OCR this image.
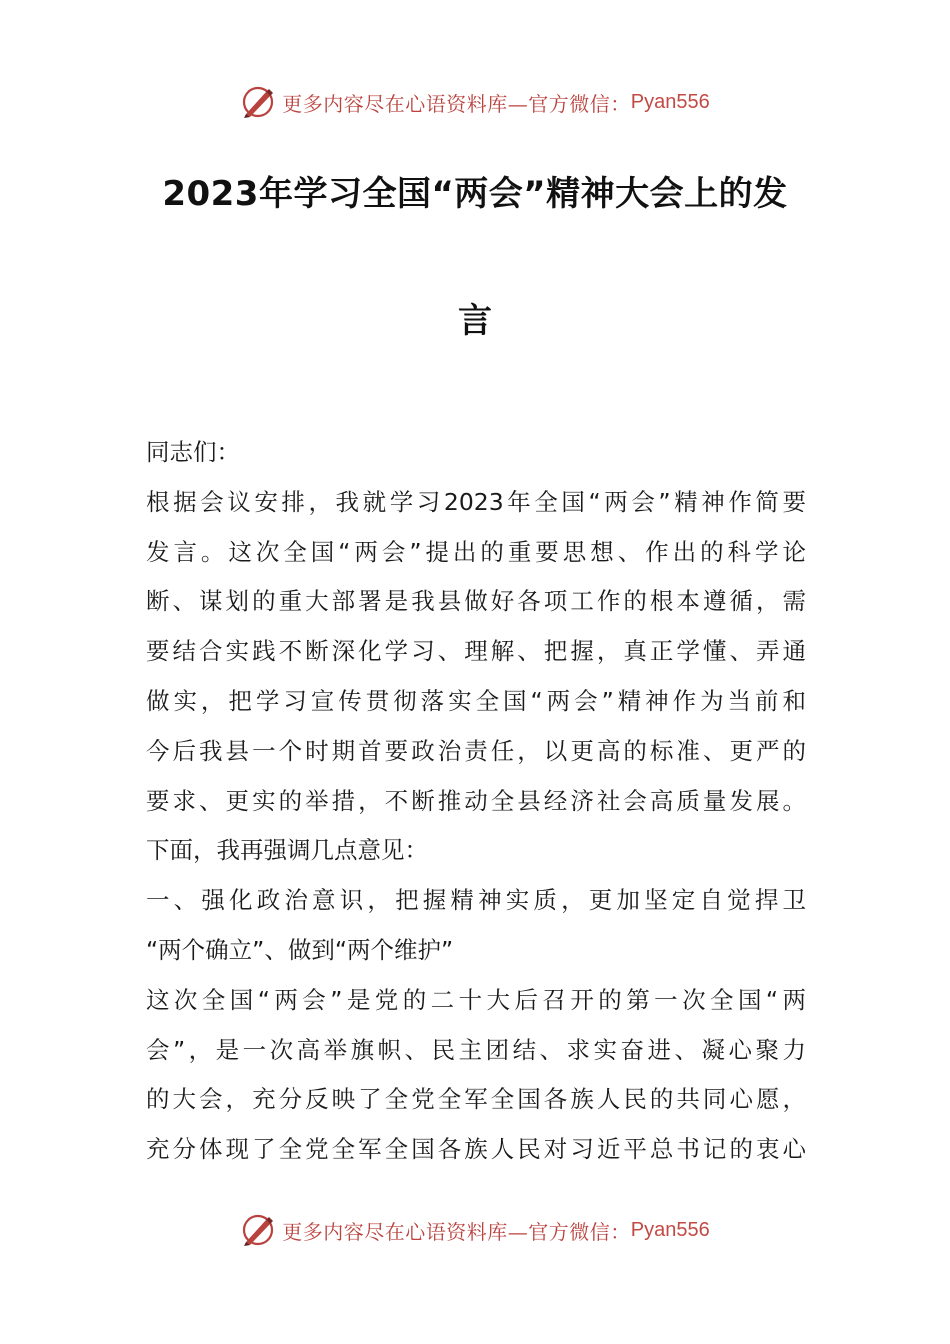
更多内容尽在心语资料库—官方微信： Pyan556
2023年学习全国“两会”精神大会上的发
言
同志们：
根据会议安排，我就学习2023年全国“两会”精神作简要
发言。这次全国“两会”提出的重要思想、作出的科学论
断、谋划的重大部署是我县做好各项工作的根本遵循，需
要结合实践不断深化学习、理解、把握，真正学懂、弄通
做实，把学习宣传贯彻落实全国“两会”精神作为当前和
今后我县一个时期首要政治责任，以更高的标准、更严的
要求、更实的举措，不断推动全县经济社会高质量发展。
下面，我再强调几点意见：
一、强化政治意识，把握精神实质，更加坚定自觉捍卫
“两个确立”、做到“两个维护”
这次全国“两会”是党的二十大后召开的第一次全国“两
会”，是一次高举旗帜、民主团结、求实奋进、凝心聚力
的大会，充分反映了全党全军全国各族人民的共同心愿，
充分体现了全党全军全国各族人民对习近平总书记的衷心
更多内容尽在心语资料库—官方微信： Pyan556
